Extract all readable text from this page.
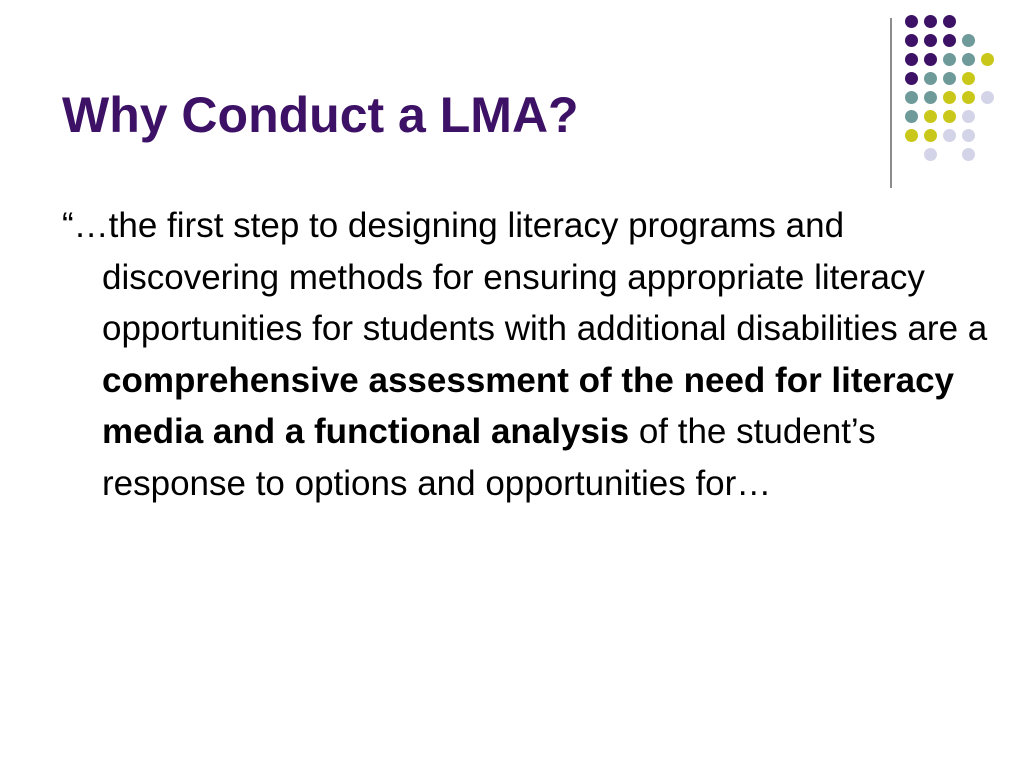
Why Conduct a LMA?

“…the first step to designing literacy programs and discovering methods for ensuring appropriate literacy opportunities for students with additional disabilities are a comprehensive assessment of the need for literacy media and a functional analysis of the student’s response to options and opportunities for…
